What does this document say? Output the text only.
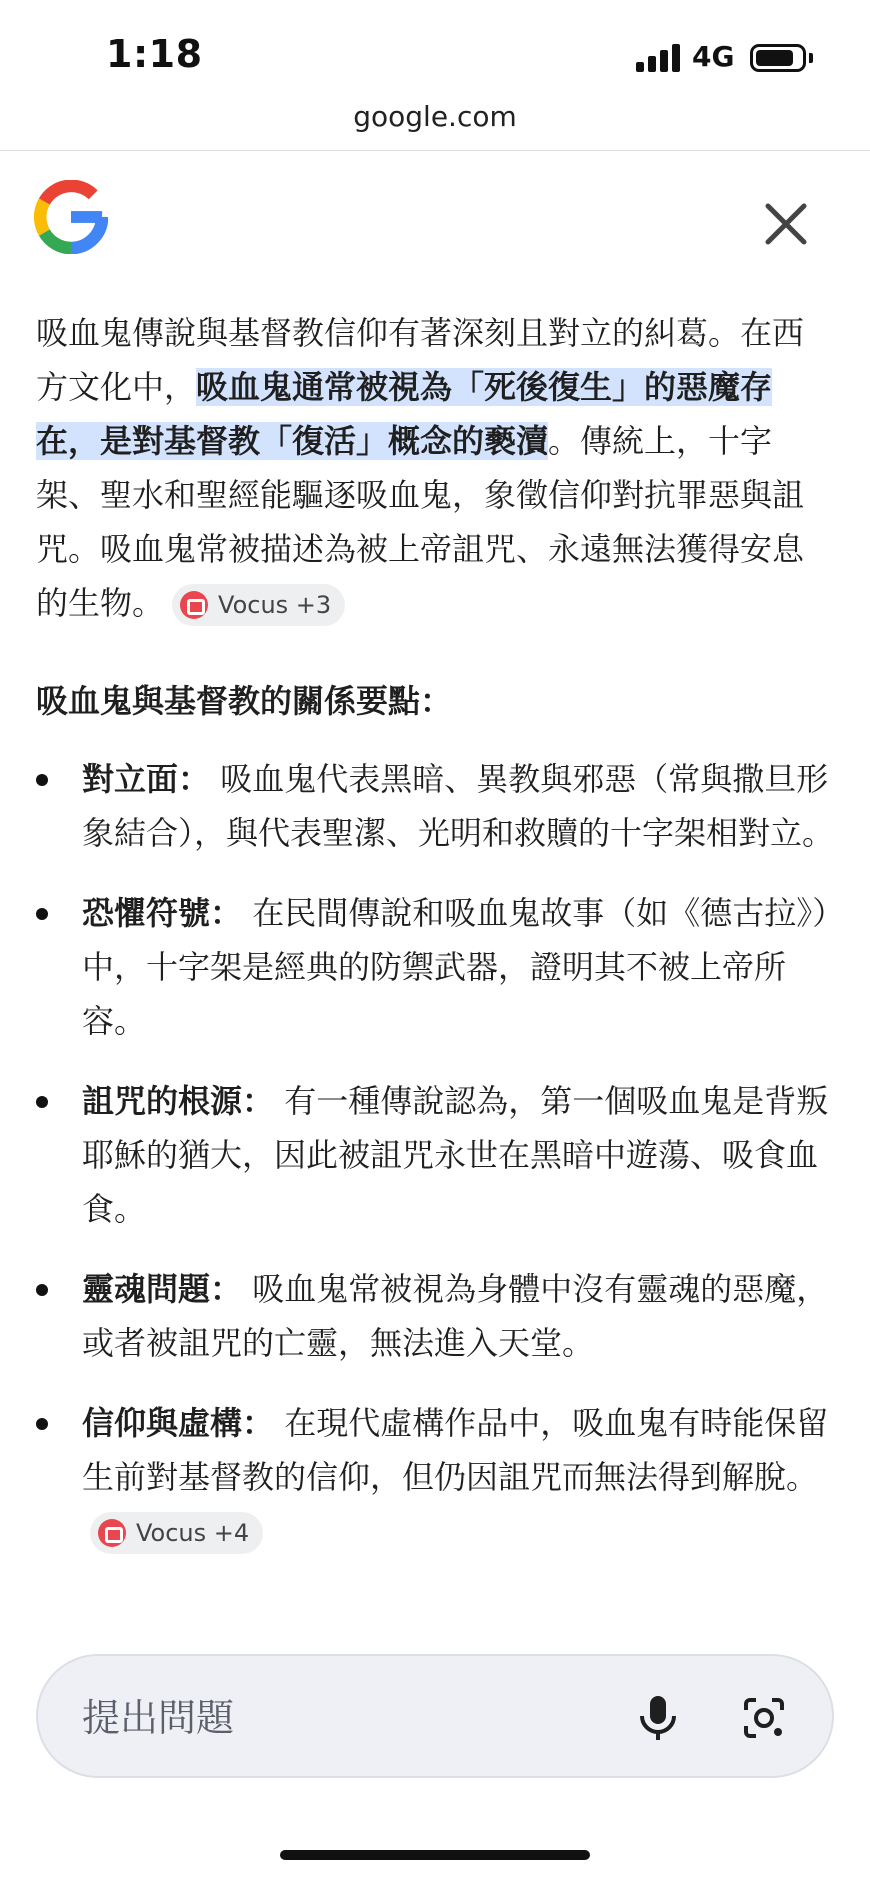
1:18	4G
google.com

吸血鬼傳說與基督教信仰有著深刻且對立的糾葛。在西方文化中，吸血鬼通常被視為「死後復生」的惡魔存在，是對基督教「復活」概念的褻瀆。傳統上，十字架、聖水和聖經能驅逐吸血鬼，象徵信仰對抗罪惡與詛咒。吸血鬼常被描述為被上帝詛咒、永遠無法獲得安息的生物。 Vocus +3

吸血鬼與基督教的關係要點：
對立面： 吸血鬼代表黑暗、異教與邪惡（常與撒旦形象結合），與代表聖潔、光明和救贖的十字架相對立。
恐懼符號： 在民間傳說和吸血鬼故事（如《德古拉》）中，十字架是經典的防禦武器，證明其不被上帝所容。
詛咒的根源： 有一種傳說認為，第一個吸血鬼是背叛耶穌的猶大，因此被詛咒永世在黑暗中遊蕩、吸食血食。
靈魂問題： 吸血鬼常被視為身體中沒有靈魂的惡魔，或者被詛咒的亡靈，無法進入天堂。
信仰與虛構： 在現代虛構作品中，吸血鬼有時能保留生前對基督教的信仰，但仍因詛咒而無法得到解脫。
Vocus +4
提出問題
